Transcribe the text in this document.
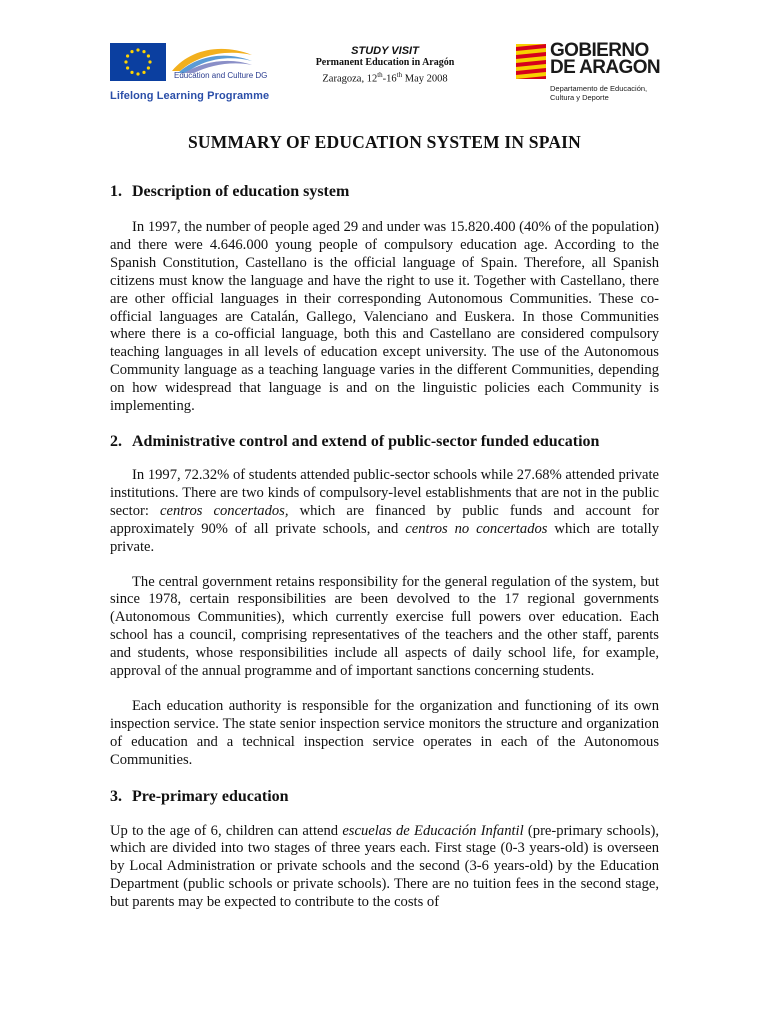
Education and Culture DG
Lifelong Learning Programme
STUDY VISIT
Permanent Education in Aragón
Zaragoza, 12th-16th May 2008
GOBIERNO
DE ARAGON
Departamento de Educación,
Cultura y Deporte
SUMMARY OF EDUCATION SYSTEM IN SPAIN
1. Description of education system

In 1997, the number of people aged 29 and under was 15.820.400 (40% of the population) and there were 4.646.000 young people of compulsory education age. According to the Spanish Constitution, Castellano is the official language of Spain. Therefore, all Spanish citizens must know the language and have the right to use it. Together with Castellano, there are other official languages in their corresponding Autonomous Communities. These co-official languages are Catalán, Gallego, Valenciano and Euskera. In those Communities where there is a co-official language, both this and Castellano are considered compulsory teaching languages in all levels of education except university. The use of the Autonomous Community language as a teaching language varies in the different Communities, depending on how widespread that language is and on the linguistic policies each Community is implementing.

2. Administrative control and extend of public-sector funded education

In 1997, 72.32% of students attended public-sector schools while 27.68% attended private institutions. There are two kinds of compulsory-level establishments that are not in the public sector: centros concertados, which are financed by public funds and account for approximately 90% of all private schools, and centros no concertados which are totally private.

The central government retains responsibility for the general regulation of the system, but since 1978, certain responsibilities are been devolved to the 17 regional governments (Autonomous Communities), which currently exercise full powers over education. Each school has a council, comprising representatives of the teachers and the other staff, parents and students, whose responsibilities include all aspects of daily school life, for example, approval of the annual programme and of important sanctions concerning students.

Each education authority is responsible for the organization and functioning of its own inspection service. The state senior inspection service monitors the structure and organization of education and a technical inspection service operates in each of the Autonomous Communities.

3. Pre-primary education

Up to the age of 6, children can attend escuelas de Educación Infantil (pre-primary schools), which are divided into two stages of three years each. First stage (0-3 years-old) is overseen by Local Administration or private schools and the second (3-6 years-old) by the Education Department (public schools or private schools). There are no tuition fees in the second stage, but parents may be expected to contribute to the costs of
